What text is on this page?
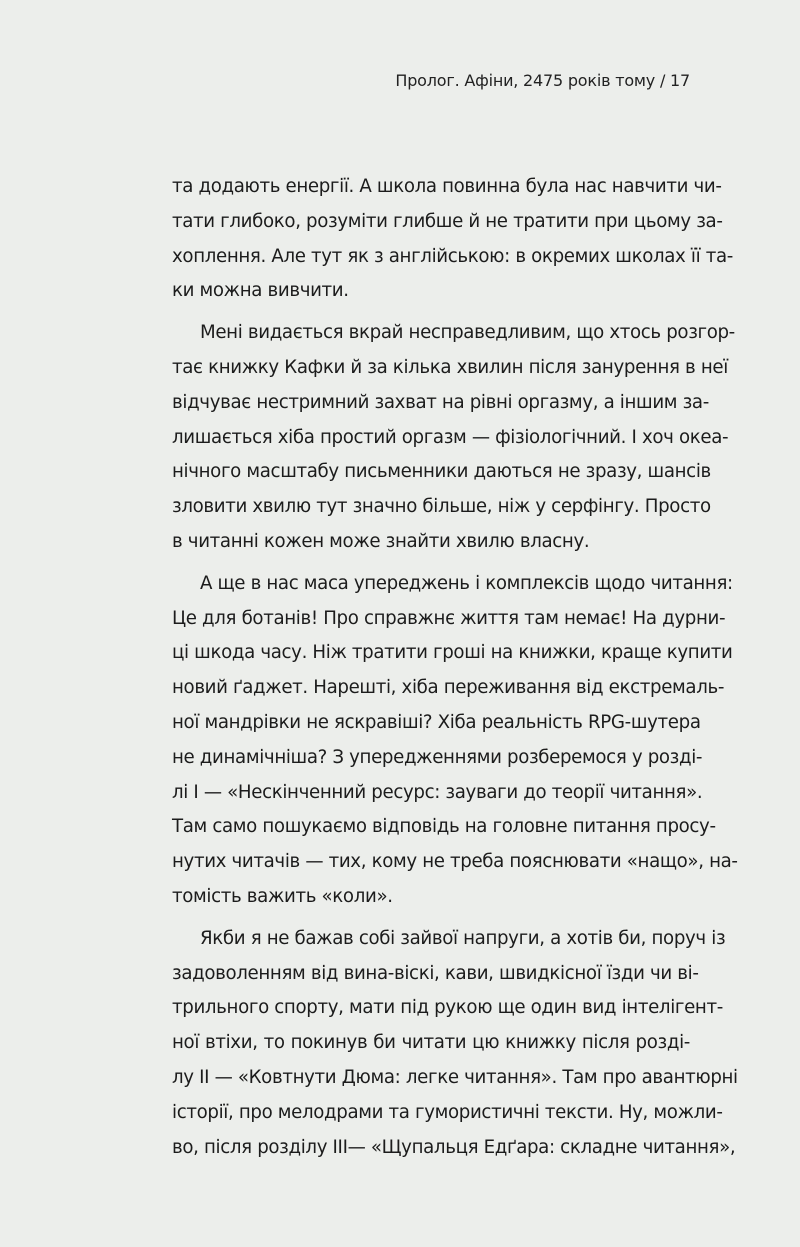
Пролог. Афіни, 2475 років тому / 17
та додають енергії. А школа повинна була нас навчити чи-
тати глибоко, розуміти глибше й не тратити при цьому за-
хоплення. Але тут як з англійською: в окремих школах її та-
ки можна вивчити.
Мені видається вкрай несправедливим, що хтось розгор-
тає книжку Кафки й за кілька хвилин після занурення в неї
відчуває нестримний захват на рівні оргазму, а іншим за-
лишається хіба простий оргазм — фізіологічний. І хоч океа-
нічного масштабу письменники даються не зразу, шансів
зловити хвилю тут значно більше, ніж у серфінгу. Просто
в читанні кожен може знайти хвилю власну.
А ще в нас маса упереджень і комплексів щодо читання:
Це для ботанів! Про справжнє життя там немає! На дурни-
ці шкода часу. Ніж тратити гроші на книжки, краще купити
новий ґаджет. Нарешті, хіба переживання від екстремаль-
ної мандрівки не яскравіші? Хіба реальність RPG-шутера
не динамічніша? З упередженнями розберемося у розді-
лі І — «Нескінченний ресурс: зауваги до теорії читання».
Там само пошукаємо відповідь на головне питання просу-
нутих читачів — тих, кому не треба пояснювати «нащо», на-
томість важить «коли».
Якби я не бажав собі зайвої напруги, а хотів би, поруч із
задоволенням від вина-віскі, кави, швидкісної їзди чи ві-
трильного спорту, мати під рукою ще один вид інтелігент-
ної втіхи, то покинув би читати цю книжку після розді-
лу II — «Ковтнути Дюма: легке читання». Там про авантюрні
історії, про мелодрами та гумористичні тексти. Ну, можли-
во, після розділу III— «Щупальця Едґара: складне читання»,
